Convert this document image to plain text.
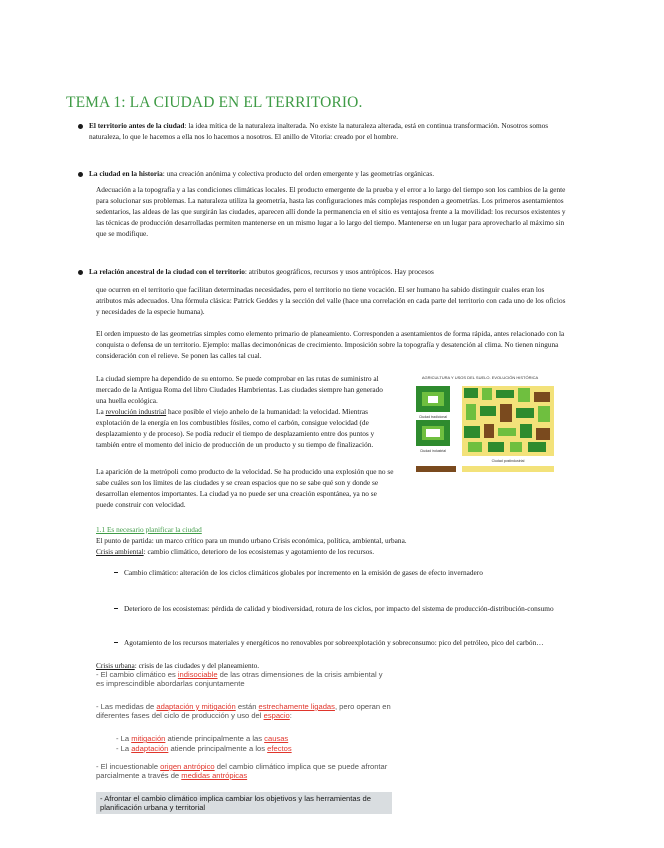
TEMA 1: LA CIUDAD EN EL TERRITORIO.
El territorio antes de la ciudad: la idea mítica de la naturaleza inalterada. No existe la naturaleza alterada, está en continua transformación. Nosotros somos naturaleza, lo que le hacemos a ella nos lo hacemos a nosotros. El anillo de Vitoria: creado por el hombre.
La ciudad en la historia: una creación anónima y colectiva producto del orden emergente y las geometrías orgánicas.
Adecuación a la topografía y a las condiciones climáticas locales. El producto emergente de la prueba y el error a lo largo del tiempo son los cambios de la gente para solucionar sus problemas. La naturaleza utiliza la geometría, hasta las configuraciones más complejas responden a geometrías. Los primeros asentamientos sedentarios, las aldeas de las que surgirán las ciudades, aparecen allí donde la permanencia en el sitio es ventajosa frente a la movilidad: los recursos existentes y las técnicas de producción desarrolladas permiten mantenerse en un mismo lugar a lo largo del tiempo. Mantenerse en un lugar para aprovecharlo al máximo sin que se modifique.
La relación ancestral de la ciudad con el territorio: atributos geográficos, recursos y usos antrópicos. Hay procesos
que ocurren en el territorio que facilitan determinadas necesidades, pero el territorio no tiene vocación. El ser humano ha sabido distinguir cuales eran los atributos más adecuados. Una fórmula clásica: Patrick Geddes y la sección del valle (hace una correlación en cada parte del territorio con cada uno de los oficios y necesidades de la especie humana).
El orden impuesto de las geometrías simples como elemento primario de planeamiento. Corresponden a asentamientos de forma rápida, antes relacionado con la conquista o defensa de un territorio. Ejemplo: mallas decimonónicas de crecimiento. Imposición sobre la topografía y desatención al clima. No tienen ninguna consideración con el relieve. Se ponen las calles tal cual.
La ciudad siempre ha dependido de su entorno. Se puede comprobar en las rutas de suministro al mercado de la Antigua Roma del libro Ciudades Hambrientas. Las ciudades siempre han generado una huella ecológica.
La revolución industrial hace posible el viejo anhelo de la humanidad: la velocidad. Mientras explotación de la energía en los combustibles fósiles, como el carbón, consigue velocidad (de desplazamiento y de proceso). Se podía reducir el tiempo de desplazamiento entre dos puntos y también entre el momento del inicio de producción de un producto y su tiempo de finalización.
La aparición de la metrópoli como producto de la velocidad. Se ha producido una explosión que no se sabe cuáles son los límites de las ciudades y se crean espacios que no se sabe qué son y donde se desarrollan elementos importantes. La ciudad ya no puede ser una creación espontánea, ya no se puede construir con velocidad.
AGRICULTURA Y USOS DEL SUELO. EVOLUCIÓN HISTÓRICA
Ciudad tradicional
Ciudad industrial
Ciudad postindustrial
1.1 Es necesario planificar la ciudad
El punto de partida: un marco crítico para un mundo urbano Crisis económica, política, ambiental, urbana.
Crisis ambiental: cambio climático, deterioro de los ecosistemas y agotamiento de los recursos.
Cambio climático: alteración de los ciclos climáticos globales por incremento en la emisión de gases de efecto invernadero
Deterioro de los ecosistemas: pérdida de calidad y biodiversidad, rotura de los ciclos, por impacto del sistema de producción-distribución-consumo
Agotamiento de los recursos materiales y energéticos no renovables por sobreexplotación y sobreconsumo: pico del petróleo, pico del carbón…
Crisis urbana: crisis de las ciudades y del planeamiento.
- El cambio climático es indisociable de las otras dimensiones de la crisis ambiental y es imprescindible abordarlas conjuntamente
- Las medidas de adaptación y mitigación están estrechamente ligadas, pero operan en diferentes fases del ciclo de producción y uso del espacio:
- La mitigación atiende principalmente a las causas
- La adaptación atiende principalmente a los efectos
- El incuestionable origen antrópico del cambio climático implica que se puede afrontar parcialmente a través de medidas antrópicas
- Afrontar el cambio climático implica cambiar los objetivos y las herramientas de planificación urbana y territorial
